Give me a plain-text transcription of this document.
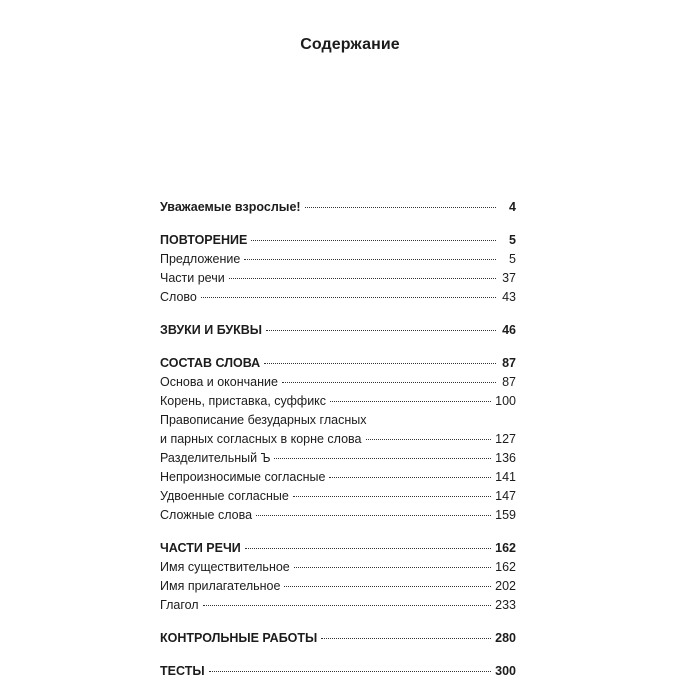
Содержание
Уважаемые взрослые!	4
ПОВТОРЕНИЕ	5
Предложение	5
Части речи	37
Слово	43
ЗВУКИ И БУКВЫ	46
СОСТАВ СЛОВА	87
Основа и окончание	87
Корень, приставка, суффикс	100
Правописание безударных гласных
и парных согласных в корне слова	127
Разделительный Ъ	136
Непроизносимые согласные	141
Удвоенные согласные	147
Сложные слова	159
ЧАСТИ РЕЧИ	162
Имя существительное	162
Имя прилагательное	202
Глагол	233
КОНТРОЛЬНЫЕ РАБОТЫ	280
ТЕСТЫ	300
